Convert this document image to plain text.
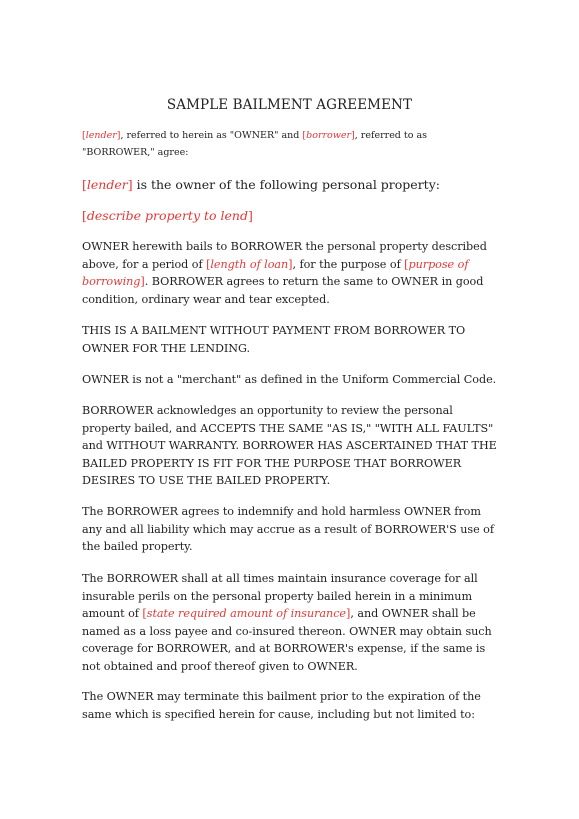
SAMPLE BAILMENT AGREEMENT

[lender], referred to herein as "OWNER" and [borrower], referred to as "BORROWER," agree:

[lender] is the owner of the following personal property:

[describe property to lend]

OWNER herewith bails to BORROWER the personal property described above, for a period of [length of loan], for the purpose of [purpose of borrowing]. BORROWER agrees to return the same to OWNER in good condition, ordinary wear and tear excepted.

THIS IS A BAILMENT WITHOUT PAYMENT FROM BORROWER TO OWNER FOR THE LENDING.

OWNER is not a "merchant" as defined in the Uniform Commercial Code.

BORROWER acknowledges an opportunity to review the personal property bailed, and ACCEPTS THE SAME "AS IS," "WITH ALL FAULTS" and WITHOUT WARRANTY. BORROWER HAS ASCERTAINED THAT THE BAILED PROPERTY IS FIT FOR THE PURPOSE THAT BORROWER DESIRES TO USE THE BAILED PROPERTY.

The BORROWER agrees to indemnify and hold harmless OWNER from any and all liability which may accrue as a result of BORROWER'S use of the bailed property.

The BORROWER shall at all times maintain insurance coverage for all insurable perils on the personal property bailed herein in a minimum amount of [state required amount of insurance], and OWNER shall be named as a loss payee and co-insured thereon. OWNER may obtain such coverage for BORROWER, and at BORROWER's expense, if the same is not obtained and proof thereof given to OWNER.

The OWNER may terminate this bailment prior to the expiration of the same which is specified herein for cause, including but not limited to:
